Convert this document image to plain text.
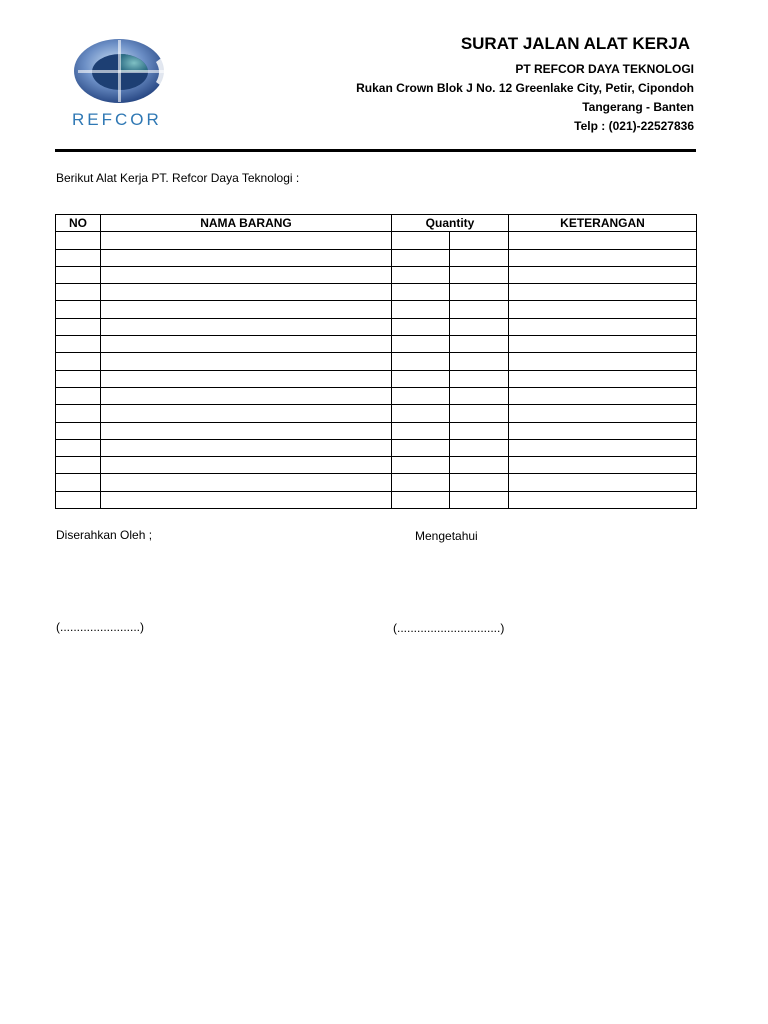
REFCOR
SURAT JALAN ALAT KERJA
PT REFCOR DAYA TEKNOLOGI
Rukan Crown Blok J No. 12 Greenlake City, Petir, Cipondoh
Tangerang - Banten
Telp : (021)-22527836
Berikut Alat Kerja PT. Refcor Daya Teknologi :
NO	NAMA BARANG	Quantity		KETERANGAN

Diserahkan Oleh ;	Mengetahui
(........................)	(...............................)
